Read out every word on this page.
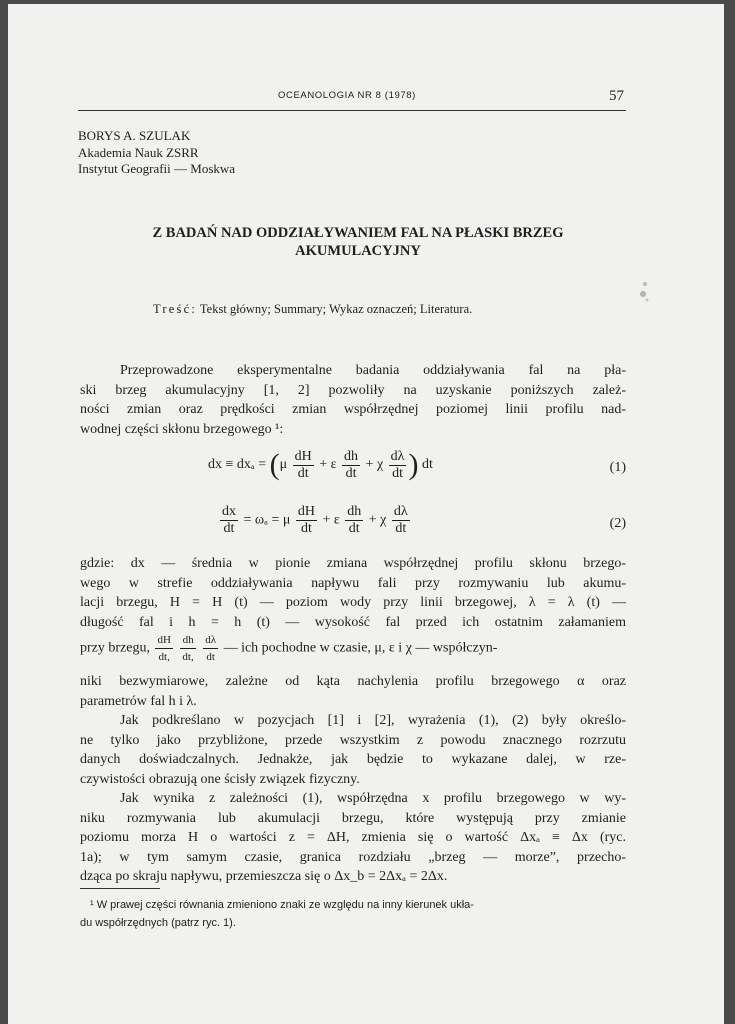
OCEANOLOGIA NR 8 (1978)	57
BORYS A. SZULAK
Akademia Nauk ZSRR
Instytut Geografii — Moskwa
Z BADAŃ NAD ODDZIAŁYWANIEM FAL NA PŁASKI BRZEG
AKUMULACYJNY
Treść: Tekst główny; Summary; Wykaz oznaczeń; Literatura.
Przeprowadzone eksperymentalne badania oddziaływania fal na pła-
ski brzeg akumulacyjny [1, 2] pozwoliły na uzyskanie poniższych zależ-
ności zmian oraz prędkości zmian współrzędnej poziomej linii profilu nad-
wodnej części skłonu brzegowego ¹:
dx ≡ $dx_a = (\mu \frac{dH}{dt} + \varepsilon \frac{dh}{dt} + \chi \frac{d\lambda}{dt}$ ) dt	(1)
$\frac{dx}{dt} = \omega_a = \mu \frac{dH}{dt} + \varepsilon \frac{dh}{dt} + \chi \frac{d\lambda}{dt}$	(2)
gdzie: dx — średnia w pionie zmiana współrzędnej profilu skłonu brzego-
wego w strefie oddziaływania napływu fali przy rozmywaniu lub akumu-
lacji brzegu, H = H (t) — poziom wody przy linii brzegowej, λ = λ (t) —
długość fal i h = h (t) — wysokość fal przed ich ostatnim załamaniem
przy brzegu, $\frac{dH}{dt,}$
$\frac{dh}{dt,}$
$\frac{d\lambda}{dt}$ — ich pochodne w czasie, μ, ε i χ — współczyn-
niki bezwymiarowe, zależne od kąta nachylenia profilu brzegowego α oraz
parametrów fal h i λ.
Jak podkreślano w pozycjach [1] i [2], wyrażenia (1), (2) były określo-
ne tylko jako przybliżone, przede wszystkim z powodu znacznego rozrzutu
danych doświadczalnych. Jednakże, jak będzie to wykazane dalej, w rze-
czywistości obrazują one ścisły związek fizyczny.
Jak wynika z zależności (1), współrzędna x profilu brzegowego w wy-
niku rozmywania lub akumulacji brzegu, które występują przy zmianie
poziomu morza H o wartości z = ΔH, zmienia się o wartość Δxₐ ≡ Δx (ryc.
1a); w tym samym czasie, granica rozdziału „brzeg — morze”, przecho-
dząca po skraju napływu, przemieszcza się o Δx_b = 2Δxₐ = 2Δx.
¹ W prawej części równania zmieniono znaki ze względu na inny kierunek ukła-
du współrzędnych (patrz ryc. 1).
